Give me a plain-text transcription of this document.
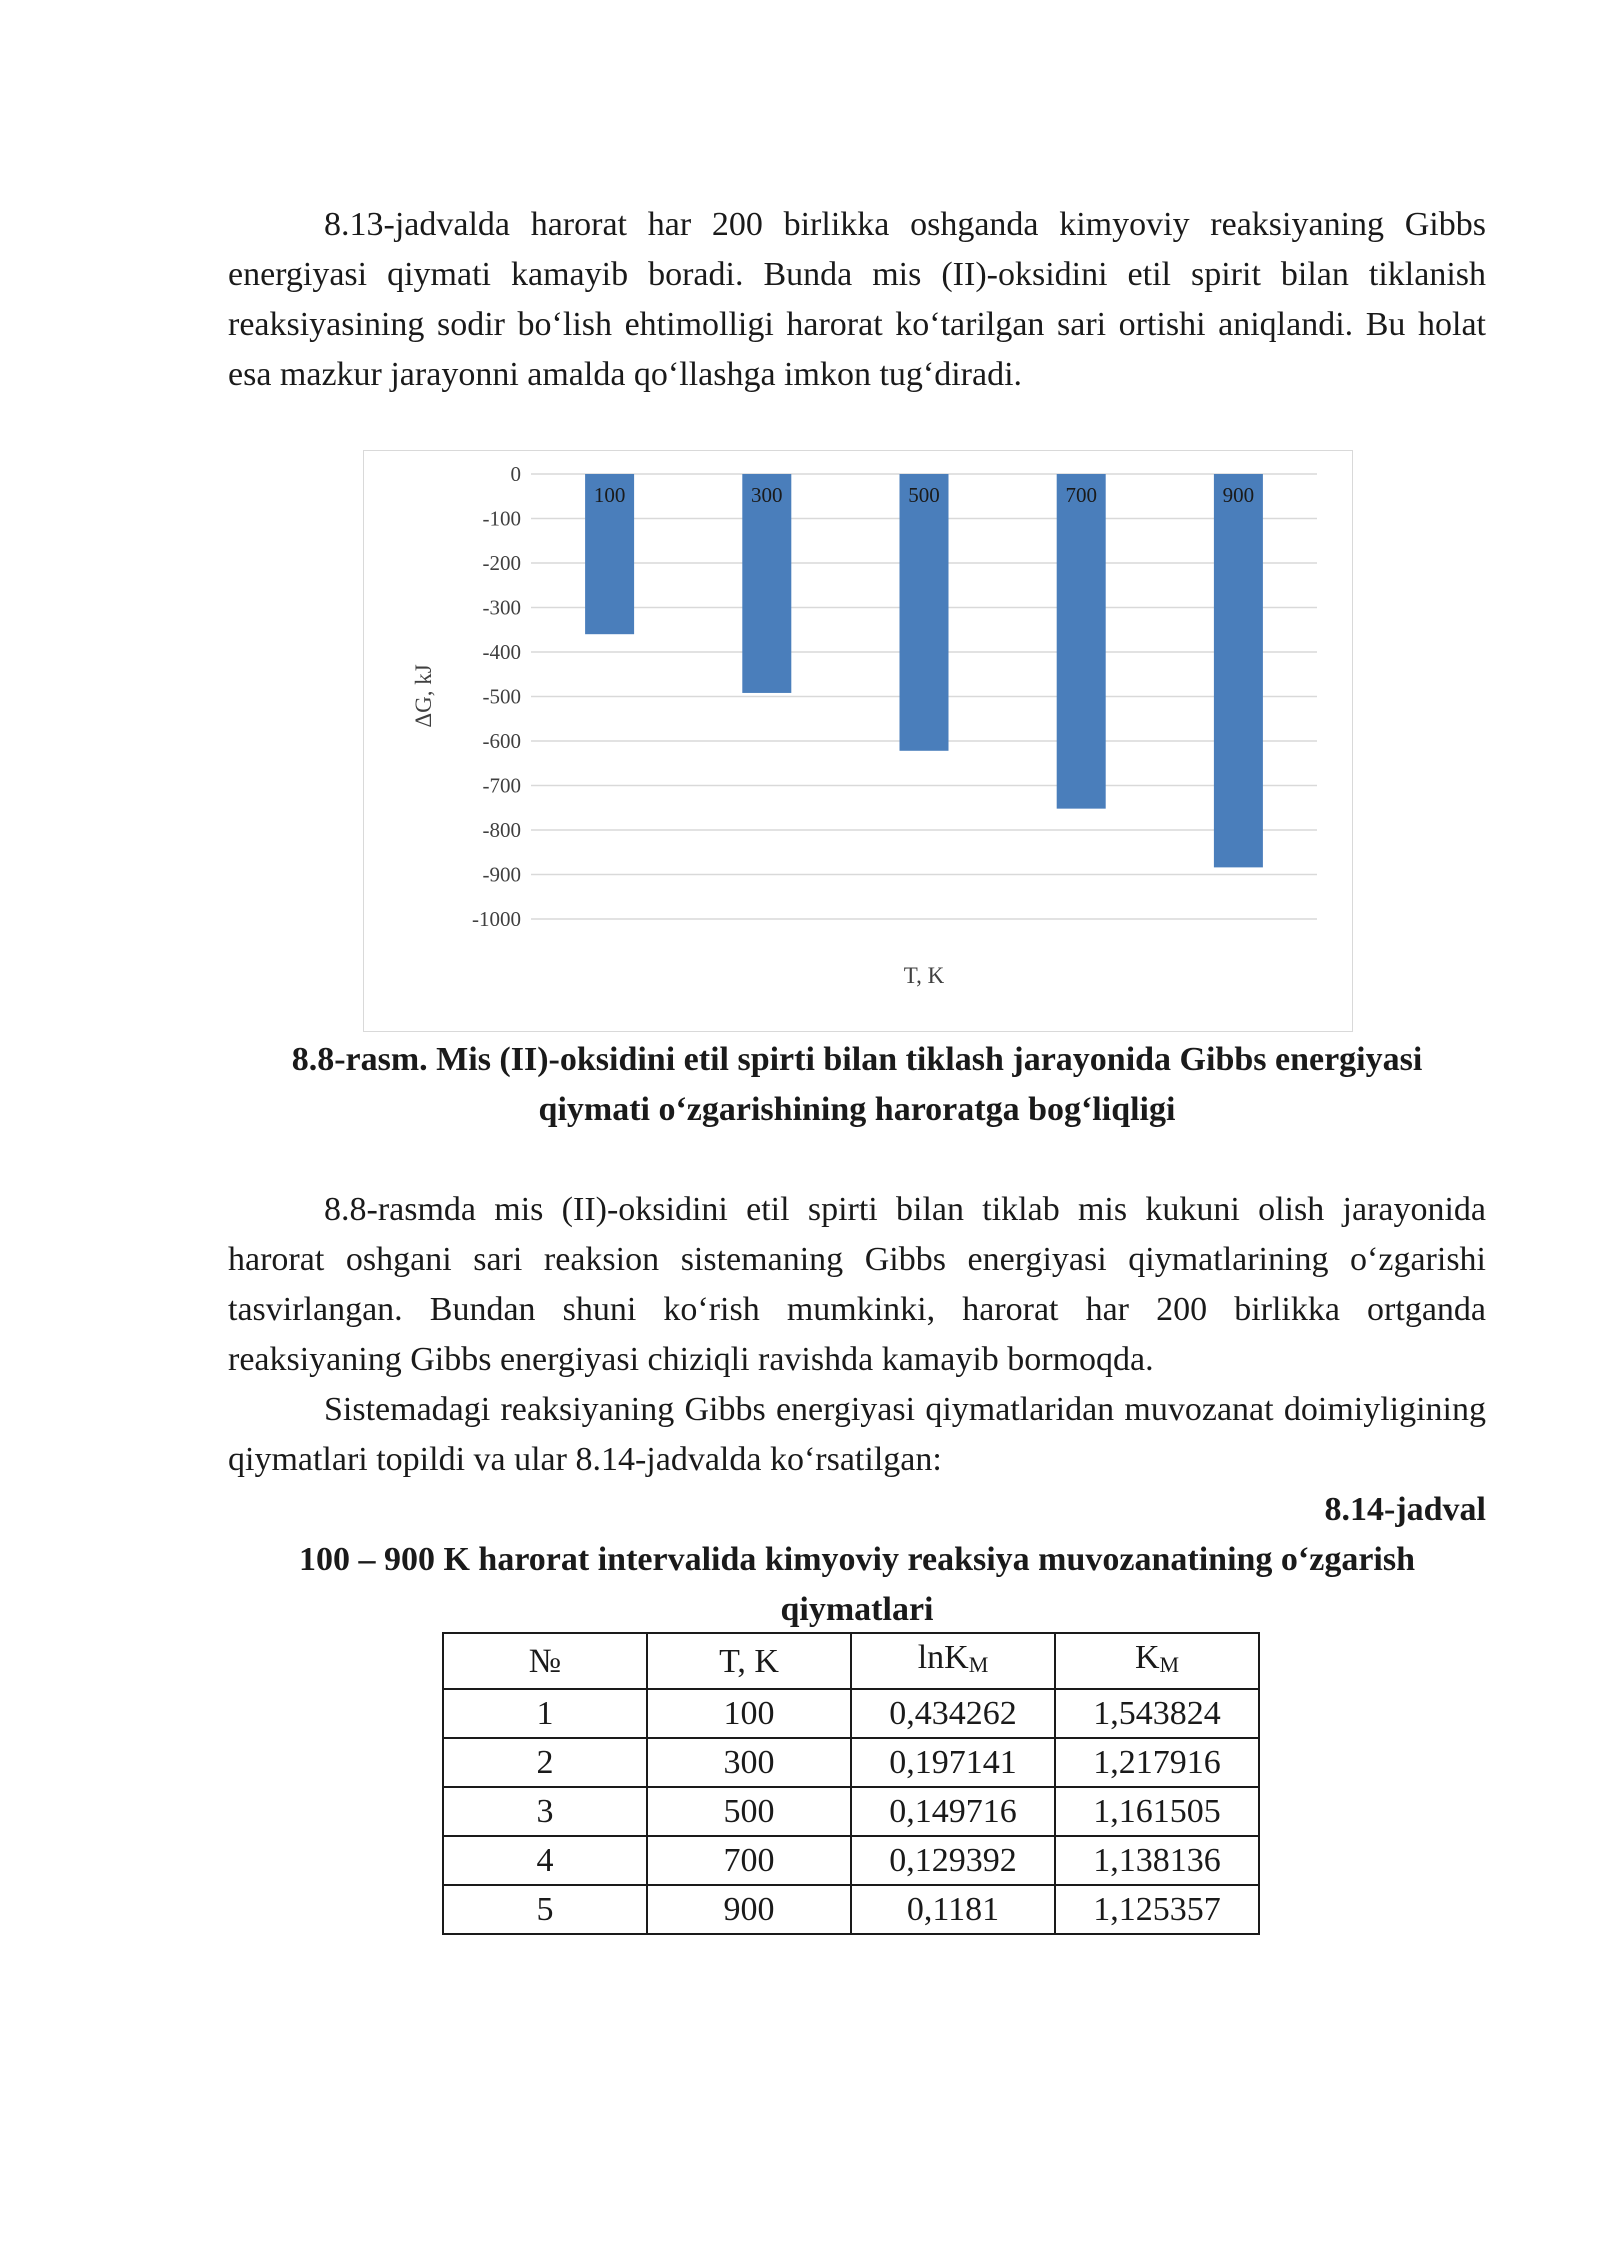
8.13-jadvalda harorat har 200 birlikka oshganda kimyoviy reaksiyaning Gibbs energiyasi qiymati kamayib boradi. Bunda mis (II)-oksidini etil spirit bilan tiklanish reaksiyasining sodir bo‘lish ehtimolligi harorat ko‘tarilgan sari ortishi aniqlandi. Bu holat esa mazkur jarayonni amalda qo‘llashga imkon tug‘diradi.

0
-100
-200
-300
-400
-500
-600
-700
-800
-900
-1000
100	300	500	700	900
T, K
ΔG, kJ

8.8-rasm. Mis (II)-oksidini etil spirti bilan tiklash jarayonida Gibbs energiyasi

qiymati o‘zgarishining haroratga bog‘liqligi

8.8-rasmda mis (II)-oksidini etil spirti bilan tiklab mis kukuni olish jarayonida harorat oshgani sari reaksion sistemaning Gibbs energiyasi qiymatlarining o‘zgarishi tasvirlangan. Bundan shuni ko‘rish mumkinki, harorat har 200 birlikka ortganda reaksiyaning Gibbs energiyasi chiziqli ravishda kamayib bormoqda.

Sistemadagi reaksiyaning Gibbs energiyasi qiymatlaridan muvozanat doimiyligining qiymatlari topildi va ular 8.14-jadvalda ko‘rsatilgan:

8.14-jadval

100 – 900 K harorat intervalida kimyoviy reaksiya muvozanatining o‘zgarish

qiymatlari

№	T, K	lnK$_M$	$K_M$
1	100	0,434262	1,543824
2	300	0,197141	1,217916
3	500	0,149716	1,161505
4	700	0,129392	1,138136
5	900	0,1181	1,125357
